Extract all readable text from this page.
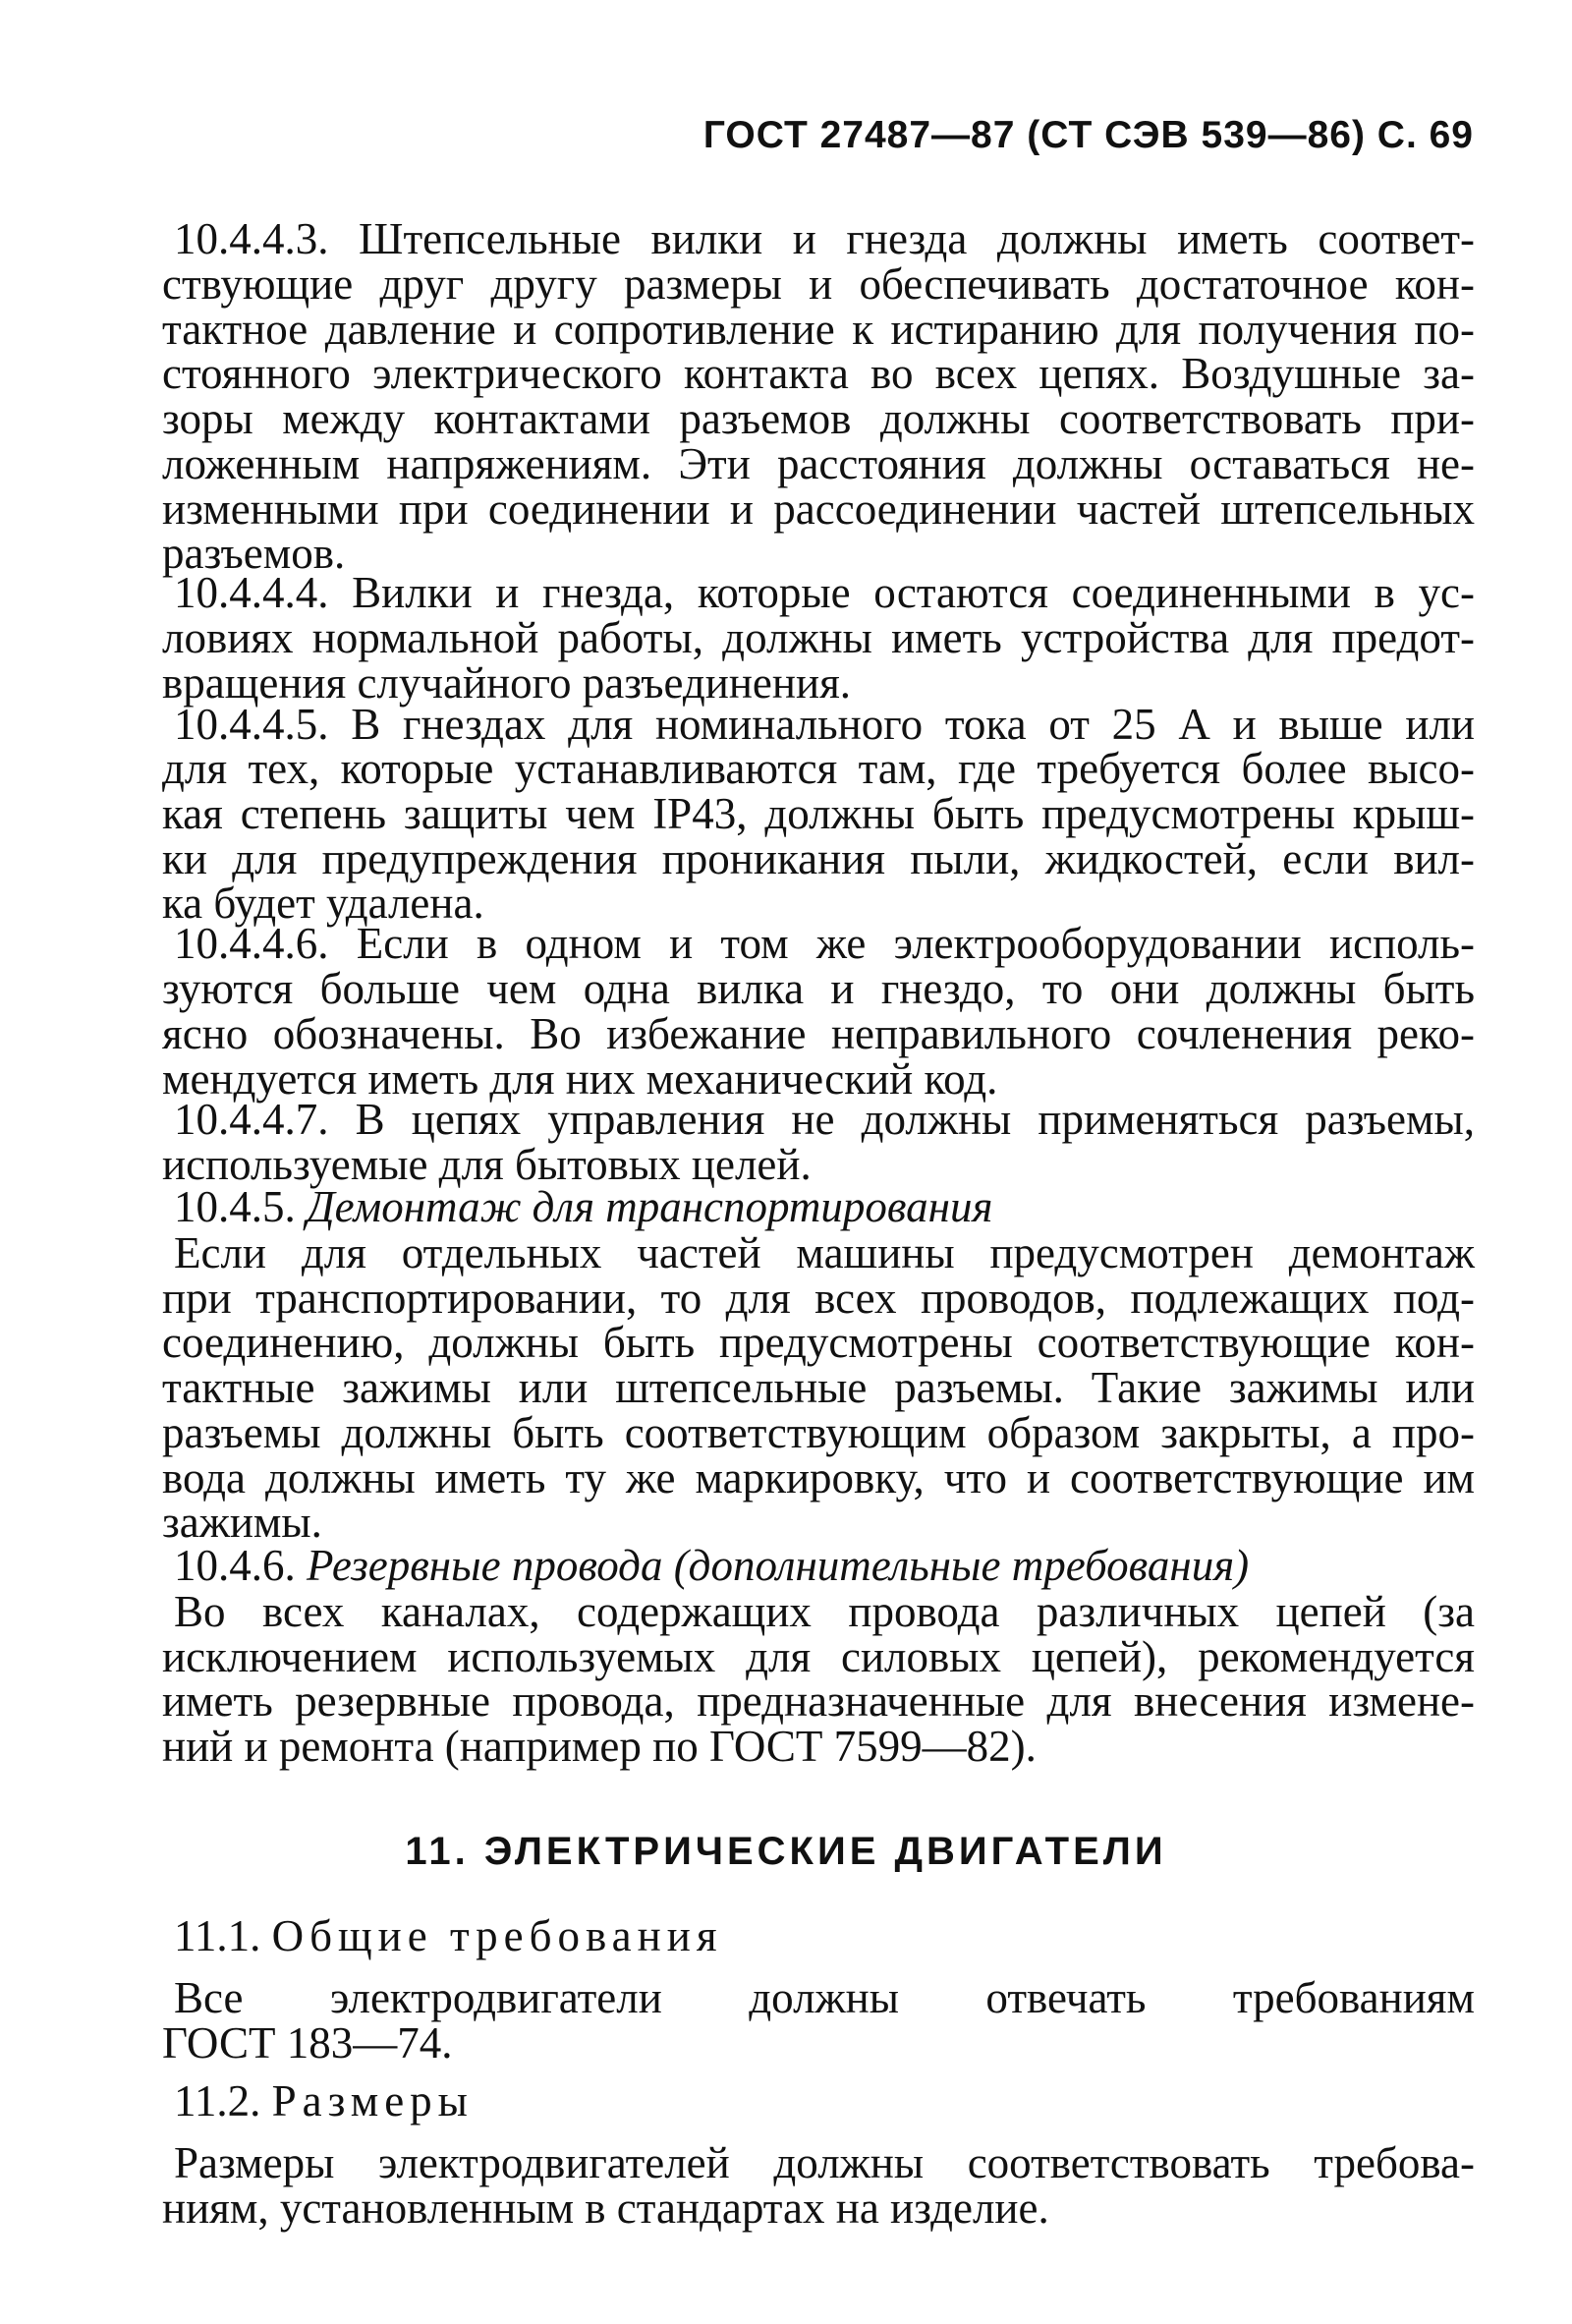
ГОСТ 27487—87 (СТ СЭВ 539—86) С. 69
10.4.4.3. Штепсельные вилки и гнезда должны иметь соответ-
ствующие друг другу размеры и обеспечивать достаточное кон-
тактное давление и сопротивление к истиранию для получения по-
стоянного электрического контакта во всех цепях. Воздушные за-
зоры между контактами разъемов должны соответствовать при-
ложенным напряжениям. Эти расстояния должны оставаться не-
изменными при соединении и рассоединении частей штепсельных
разъемов.
10.4.4.4. Вилки и гнезда, которые остаются соединенными в ус-
ловиях нормальной работы, должны иметь устройства для предот-
вращения случайного разъединения.
10.4.4.5. В гнездах для номинального тока от 25 А и выше или
для тех, которые устанавливаются там, где требуется более высо-
кая степень защиты чем IP43, должны быть предусмотрены крыш-
ки для предупреждения проникания пыли, жидкостей, если вил-
ка будет удалена.
10.4.4.6. Если в одном и том же электрооборудовании исполь-
зуются больше чем одна вилка и гнездо, то они должны быть
ясно обозначены. Во избежание неправильного сочленения реко-
мендуется иметь для них механический код.
10.4.4.7. В цепях управления не должны применяться разъемы,
используемые для бытовых целей.
10.4.5. Демонтаж для транспортирования
Если для отдельных частей машины предусмотрен демонтаж
при транспортировании, то для всех проводов, подлежащих под-
соединению, должны быть предусмотрены соответствующие кон-
тактные зажимы или штепсельные разъемы. Такие зажимы или
разъемы должны быть соответствующим образом закрыты, а про-
вода должны иметь ту же маркировку, что и соответствующие им
зажимы.
10.4.6. Резервные провода (дополнительные требования)
Во всех каналах, содержащих провода различных цепей (за
исключением используемых для силовых цепей), рекомендуется
иметь резервные провода, предназначенные для внесения измене-
ний и ремонта (например по ГОСТ 7599—82).
11. ЭЛЕКТРИЧЕСКИЕ ДВИГАТЕЛИ
11.1. Общие требования
Все электродвигатели должны отвечать требованиям
ГОСТ 183—74.
11.2. Размеры
Размеры электродвигателей должны соответствовать требова-
ниям, установленным в стандартах на изделие.
